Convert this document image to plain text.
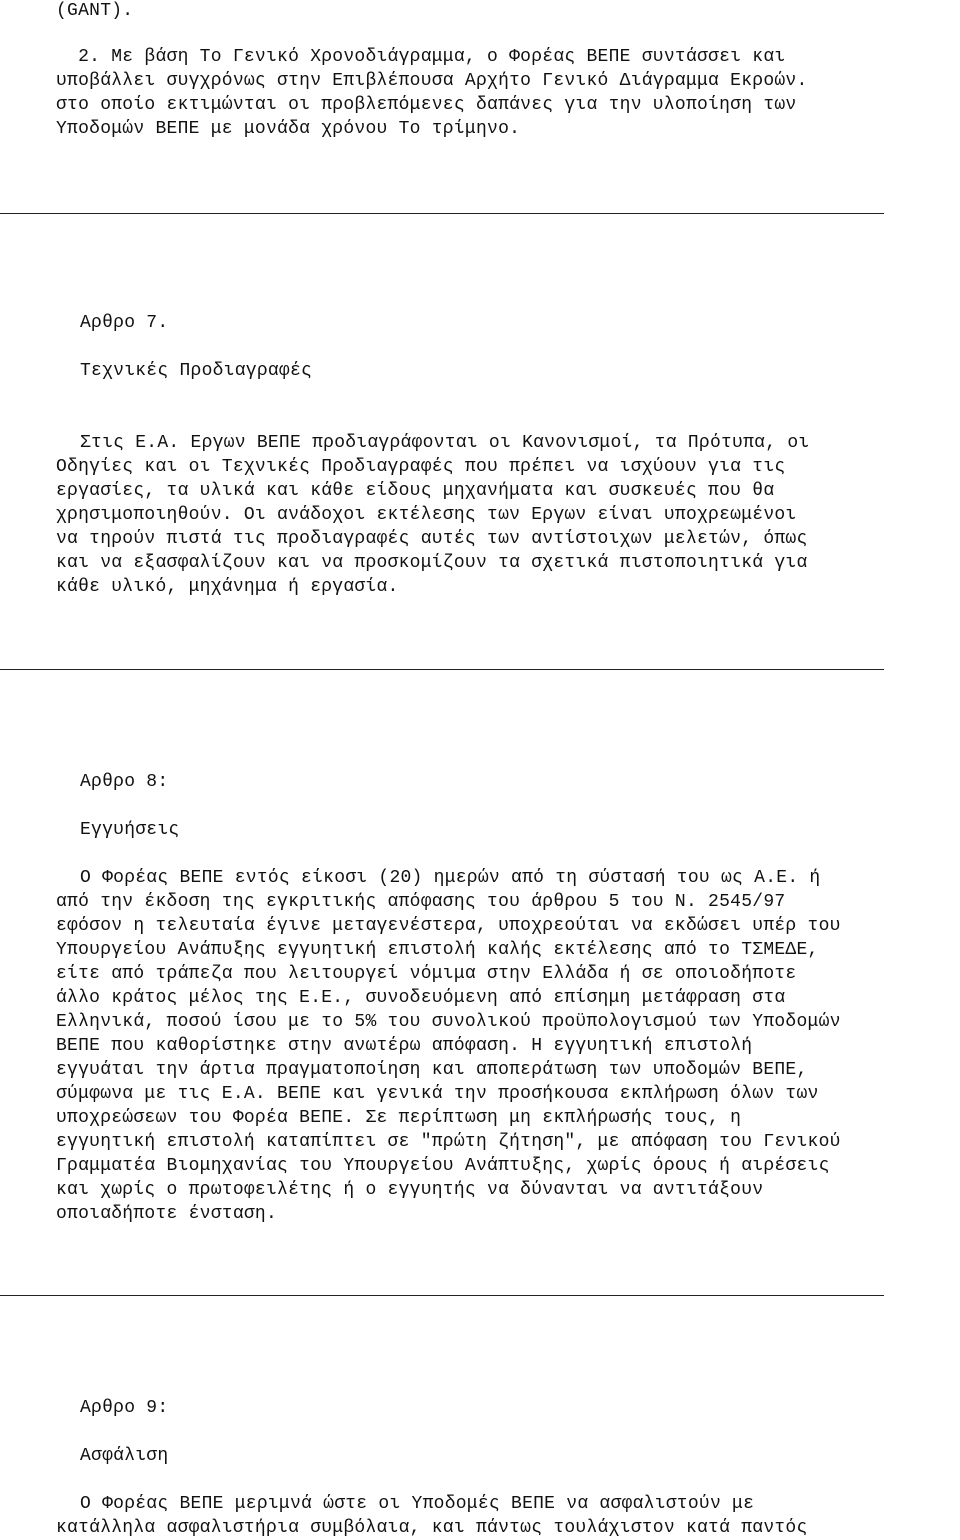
(GANT).
2. Με βάση Το Γενικό Χρονοδιάγραμμα, ο Φορέας ΒΕΠΕ συντάσσει και
υποβάλλει συγχρόνως στην Επιβλέπουσα Αρχήτο Γενικό Διάγραμμα Εκροών.
στο οποίο εκτιμώνται οι προβλεπόμενες δαπάνες για την υλοποίηση των
Υποδομών ΒΕΠΕ με μονάδα χρόνου Το τρίμηνο.
Αρθρο 7.
Τεχνικές Προδιαγραφές
Στις Ε.Α. Εργων ΒΕΠΕ προδιαγράφονται οι Κανονισμοί, τα Πρότυπα, οι
Οδηγίες και οι Τεχνικές Προδιαγραφές που πρέπει να ισχύουν για τις
εργασίες, τα υλικά και κάθε είδους μηχανήματα και συσκευές που θα
χρησιμοποιηθούν. Οι ανάδοχοι εκτέλεσης των Εργων είναι υποχρεωμένοι
να τηρούν πιστά τις προδιαγραφές αυτές των αντίστοιχων μελετών, όπως
και να εξασφαλίζουν και να προσκομίζουν τα σχετικά πιστοποιητικά για
κάθε υλικό, μηχάνημα ή εργασία.
Αρθρο 8:
Εγγυήσεις
Ο Φορέας ΒΕΠΕ εντός είκοσι (20) ημερών από τη σύστασή του ως Α.Ε. ή
από την έκδοση της εγκριτικής απόφασης του άρθρου 5 του Ν. 2545/97
εφόσον η τελευταία έγινε μεταγενέστερα, υποχρεούται να εκδώσει υπέρ του
Υπουργείου Ανάπυξης εγγυητική επιστολή καλής εκτέλεσης από το ΤΣΜΕΔΕ,
είτε από τράπεζα που λειτουργεί νόμιμα στην Ελλάδα ή σε οποιοδήποτε
άλλο κράτος μέλος της Ε.Ε., συνοδευόμενη από επίσημη μετάφραση στα
Ελληνικά, ποσού ίσου με το 5% του συνολικού προϋπολογισμού των Υποδομών
ΒΕΠΕ που καθορίστηκε στην ανωτέρω απόφαση. Η εγγυητική επιστολή
εγγυάται την άρτια πραγματοποίηση και αποπεράτωση των υποδομών ΒΕΠΕ,
σύμφωνα με τις Ε.Α. ΒΕΠΕ και γενικά την προσήκουσα εκπλήρωση όλων των
υποχρεώσεων του Φορέα ΒΕΠΕ. Σε περίπτωση μη εκπλήρωσής τους, η
εγγυητική επιστολή καταπίπτει σε "πρώτη ζήτηση", με απόφαση του Γενικού
Γραμματέα Βιομηχανίας του Υπουργείου Ανάπτυξης, χωρίς όρους ή αιρέσεις
και χωρίς ο πρωτοφειλέτης ή ο εγγυητής να δύνανται να αντιτάξουν
οποιαδήποτε ένσταση.
Αρθρο 9:
Ασφάλιση
Ο Φορέας ΒΕΠΕ μεριμνά ώστε οι Υποδομές ΒΕΠΕ να ασφαλιστούν με
κατάλληλα ασφαλιστήρια συμβόλαια, και πάντως τουλάχιστον κατά παντός
